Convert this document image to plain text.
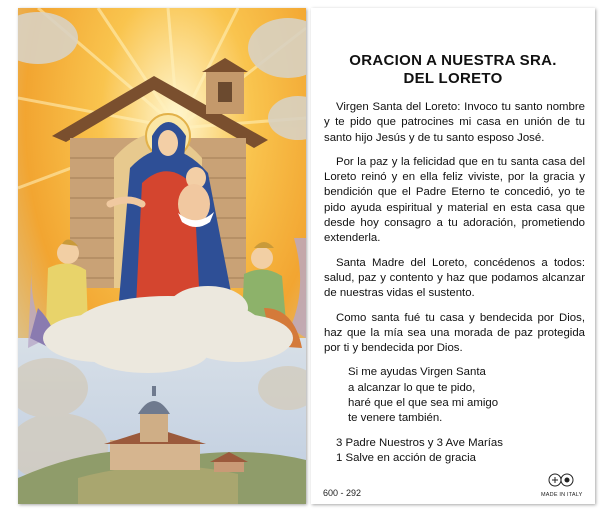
ORACION A NUESTRA SRA.
DEL LORETO

Virgen Santa del Loreto: Invoco tu santo nombre y te pido que patrocines mi casa en unión de tu santo hijo Jesús y de tu santo esposo José.

Por la paz y la felicidad que en tu santa casa del Loreto reinó y en ella feliz viviste, por la gracia y bendición que el Padre Eterno te concedió, yo te pido ayuda espiritual y material en esta casa que desde hoy consagro a tu adoración, prometiendo extenderla.

Santa Madre del Loreto, concédenos a todos: salud, paz y contento y haz que podamos alcanzar de nuestras vidas el sustento.

Como santa fué tu casa y bendecida por Dios, haz que la mía sea una morada de paz protegida por ti y bendecida por Dios.

Si me ayudas Virgen Santa
a alcanzar lo que te pido,
haré que el que sea mi amigo
te venere también.
3 Padre Nuestros y 3 Ave Marías
1 Salve en acción de gracia
600 - 292	MADE IN ITALY
